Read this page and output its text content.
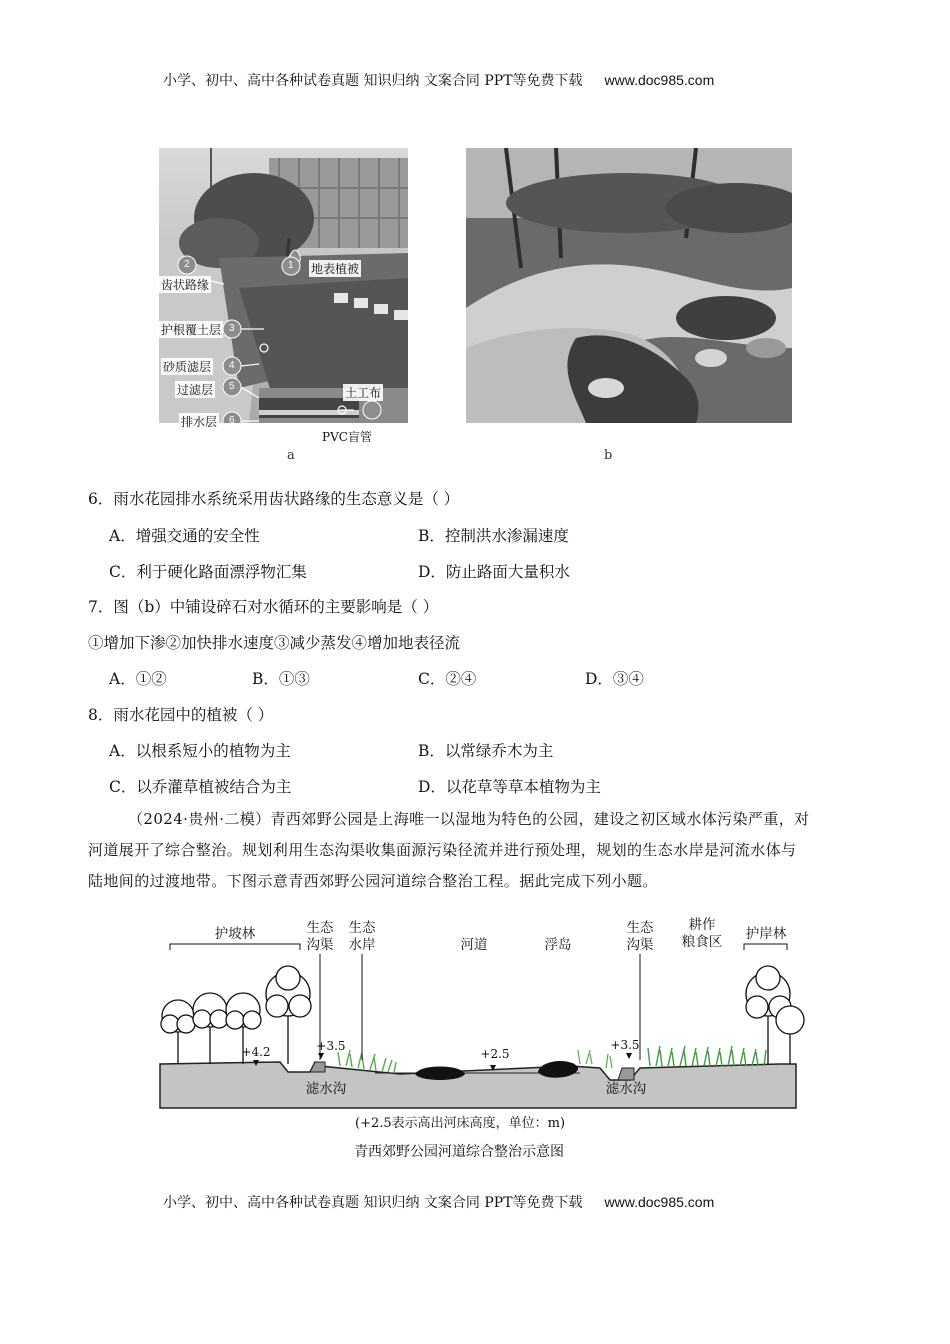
小学、初中、高中各种试卷真题 知识归纳 文案合同 PPT等免费下载 www.doc985.com
1
2
3
4
5
6
地表植被
齿状路缘
护根覆土层
砂质滤层
过滤层
排水层
土工布
PVC盲管
a	b
6．雨水花园排水系统采用齿状路缘的生态意义是（ ）
A．增强交通的安全性	B．控制洪水渗漏速度
C．利于硬化路面漂浮物汇集	D．防止路面大量积水
7．图（b）中铺设碎石对水循环的主要影响是（ ）
①增加下渗②加快排水速度③减少蒸发④增加地表径流
A．①②	B．①③	C．②④	D．③④
8．雨水花园中的植被（ ）
A．以根系短小的植物为主	B．以常绿乔木为主
C．以乔灌草植被结合为主	D．以花草等草本植物为主
（2024·贵州·二模）青西郊野公园是上海唯一以湿地为特色的公园，建设之初区域水体污染严重，对
河道展开了综合整治。规划利用生态沟渠收集面源污染径流并进行预处理，规划的生态水岸是河流水体与
陆地间的过渡地带。下图示意青西郊野公园河道综合整治工程。据此完成下列小题。
+4.2	+3.5
+2.5
+3.5
护坡林	生态
沟渠
生态
水岸	河道	浮岛
生态
沟渠
耕作
粮食区 护岸林
滤水沟	滤水沟
(+2.5表示高出河床高度，单位：m)
青西郊野公园河道综合整治示意图
小学、初中、高中各种试卷真题 知识归纳 文案合同 PPT等免费下载 www.doc985.com
